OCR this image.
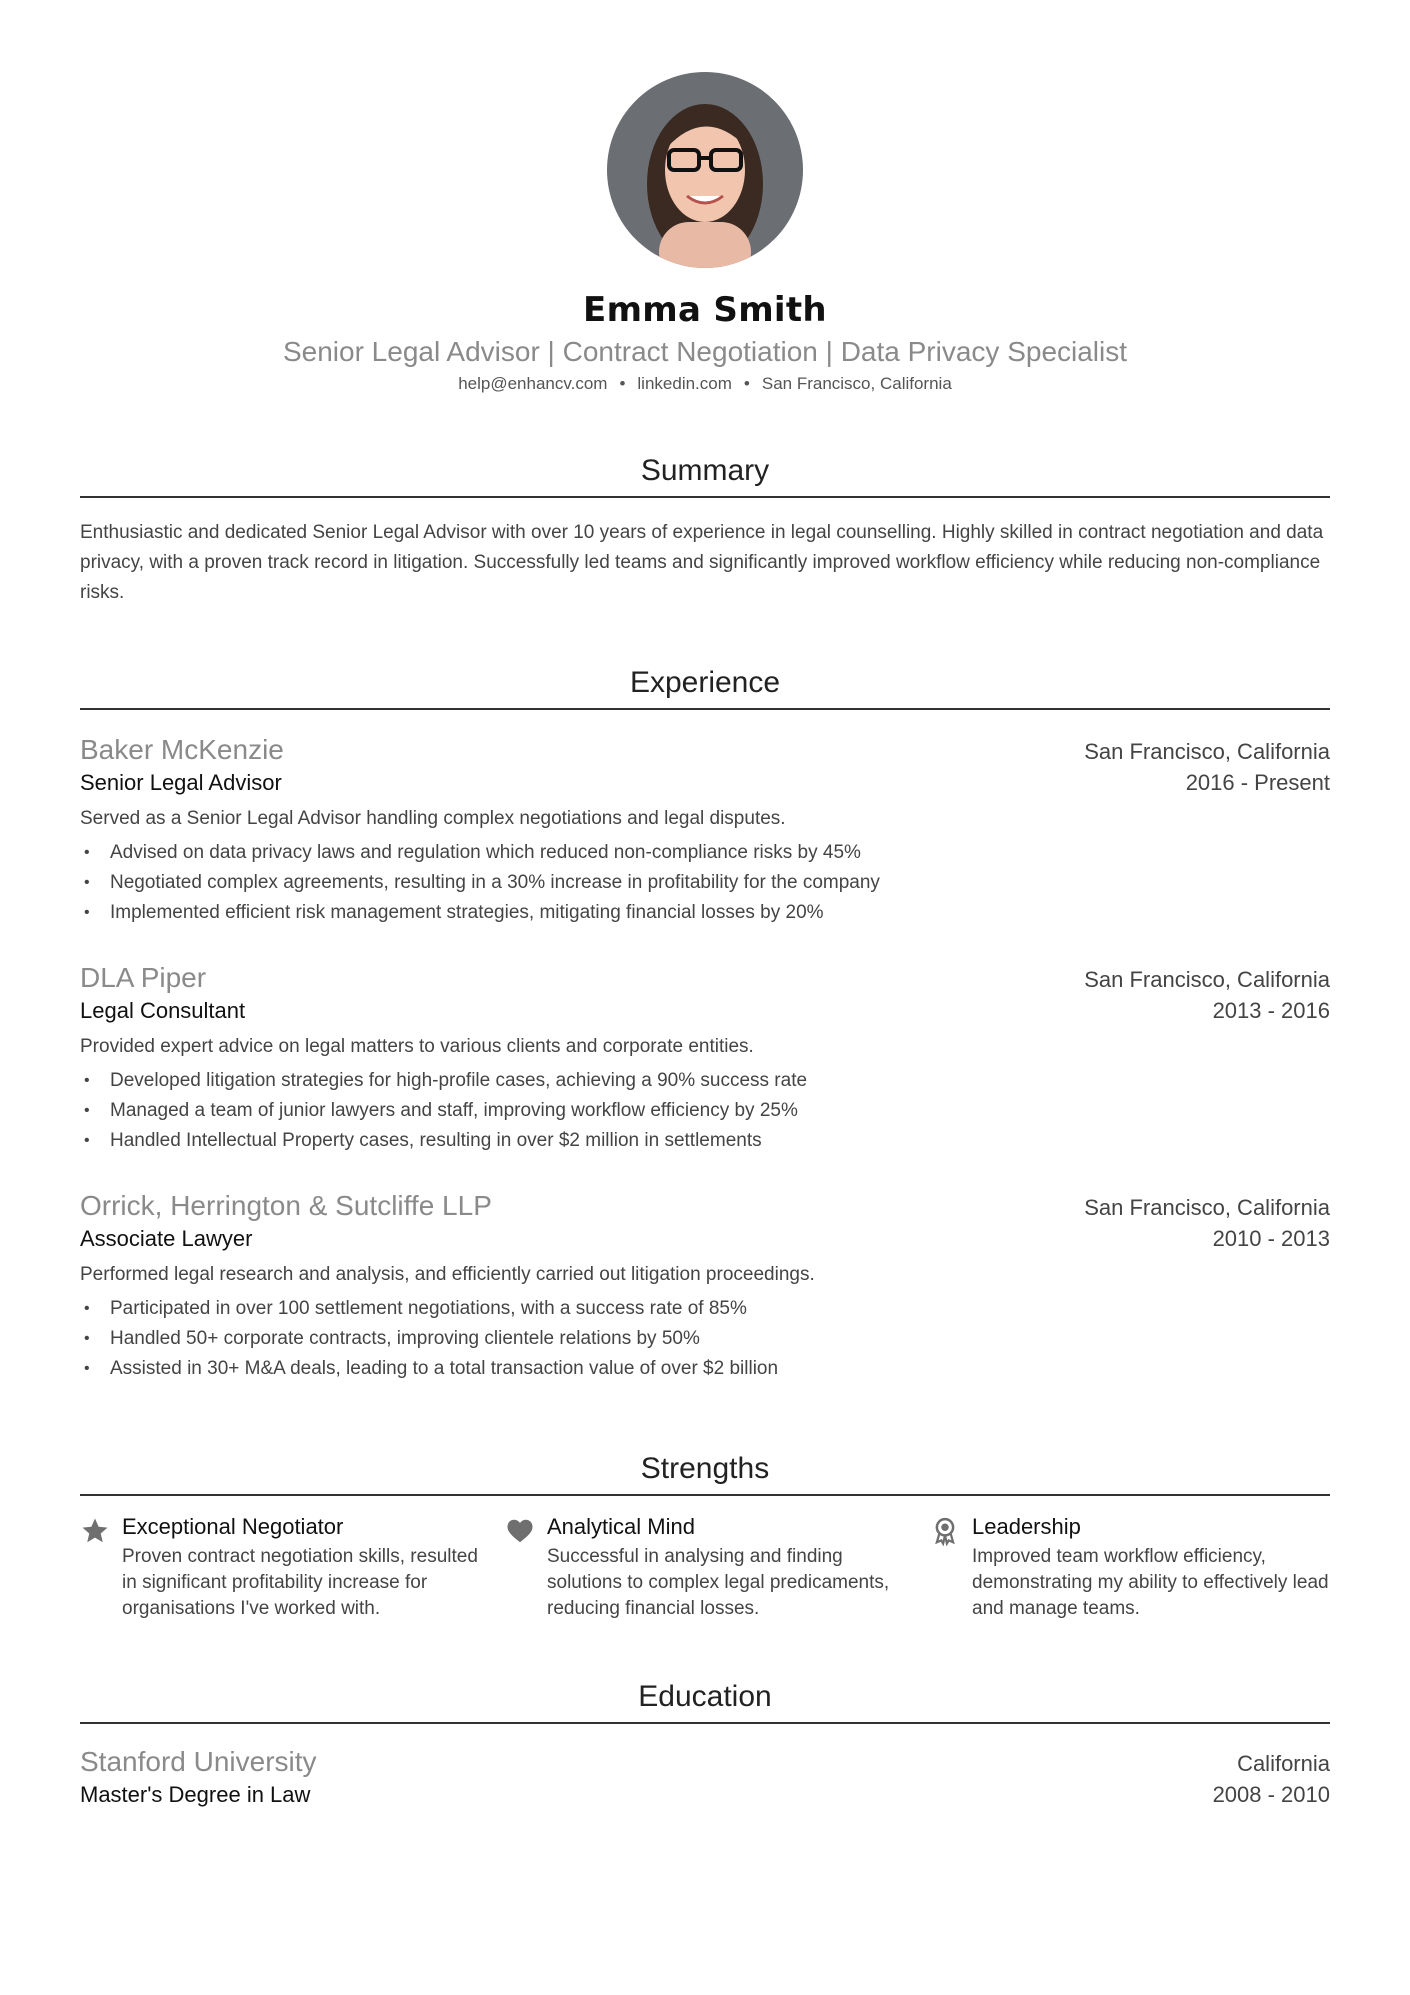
Emma Smith
Senior Legal Advisor | Contract Negotiation | Data Privacy Specialist
help@enhancv.com • linkedin.com • San Francisco, California
Summary

Enthusiastic and dedicated Senior Legal Advisor with over 10 years of experience in legal counselling. Highly skilled in contract negotiation and data privacy, with a proven track record in litigation. Successfully led teams and significantly improved workflow efficiency while reducing non-compliance risks.

Experience
Baker McKenzie	San Francisco, California
Senior Legal Advisor	2016 - Present
Served as a Senior Legal Advisor handling complex negotiations and legal disputes.
• Advised on data privacy laws and regulation which reduced non-compliance risks by 45%
• Negotiated complex agreements, resulting in a 30% increase in profitability for the company
• Implemented efficient risk management strategies, mitigating financial losses by 20%
DLA Piper	San Francisco, California
Legal Consultant	2013 - 2016
Provided expert advice on legal matters to various clients and corporate entities.
• Developed litigation strategies for high-profile cases, achieving a 90% success rate
• Managed a team of junior lawyers and staff, improving workflow efficiency by 25%
• Handled Intellectual Property cases, resulting in over $2 million in settlements
Orrick, Herrington & Sutcliffe LLP	San Francisco, California
Associate Lawyer	2010 - 2013
Performed legal research and analysis, and efficiently carried out litigation proceedings.
• Participated in over 100 settlement negotiations, with a success rate of 85%
• Handled 50+ corporate contracts, improving clientele relations by 50%
• Assisted in 30+ M&A deals, leading to a total transaction value of over $2 billion
Strengths
Exceptional Negotiator
Proven contract negotiation skills, resulted in significant profitability increase for organisations I've worked with.
Analytical Mind
Successful in analysing and finding solutions to complex legal predicaments, reducing financial losses.
Leadership
Improved team workflow efficiency, demonstrating my ability to effectively lead and manage teams.
Education
Stanford University	California
Master's Degree in Law	2008 - 2010
